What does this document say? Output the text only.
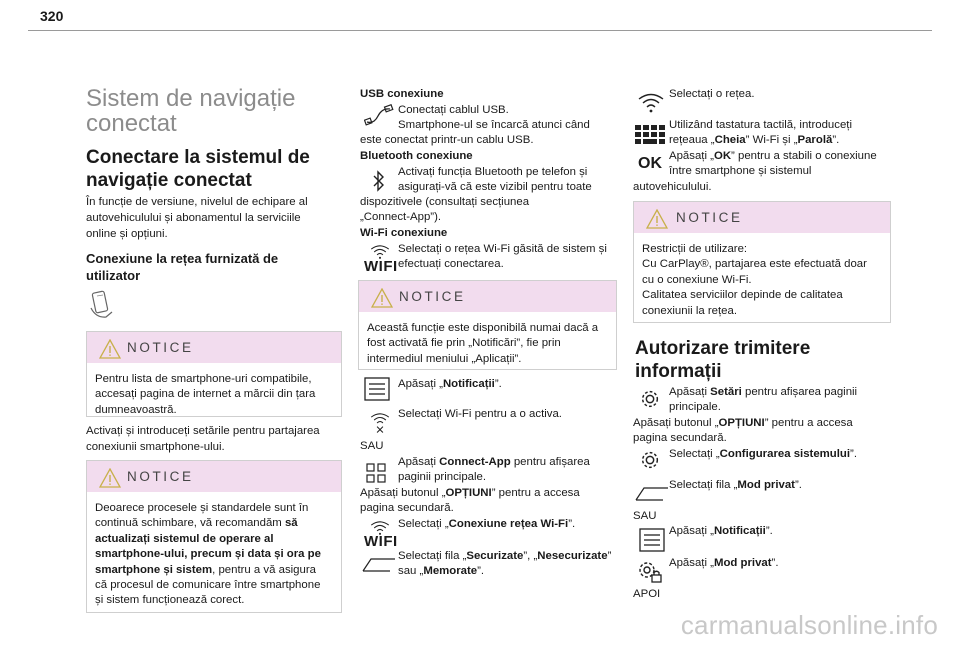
320
Sistem de navigație
conectat
Conectare la sistemul de
navigație conectat
În funcție de versiune, nivelul de echipare al
autovehiculului și abonamentul la serviciile
online și opțiuni.
Conexiune la rețea furnizată de
utilizator
NOTICE
Pentru lista de smartphone-uri compatibile,
accesați pagina de internet a mărcii din țara
dumneavoastră.
Activați și introduceți setările pentru partajarea
conexiunii smartphone-ului.
NOTICE
Deoarece procesele și standardele sunt în
continuă schimbare, vă recomandăm să
actualizați sistemul de operare al
smartphone-ului, precum și data și ora pe
smartphone și sistem, pentru a vă asigura
că procesul de comunicare între smartphone
și sistem funcționează corect.
USB conexiune
Conectați cablul USB.
Smartphone-ul se încarcă atunci când
este conectat printr-un cablu USB.
Bluetooth conexiune
Activați funcția Bluetooth pe telefon și
asigurați-vă că este vizibil pentru toate
dispozitivele (consultați secțiunea
„Connect-App”).
Wi-Fi conexiune
WIFI
Selectați o rețea Wi-Fi găsită de sistem și
efectuați conectarea.
NOTICE
Această funcție este disponibilă numai dacă a
fost activată fie prin „Notificări”, fie prin
intermediul meniului „Aplicații”.
Apăsați „Notificații”.
Selectați Wi-Fi pentru a o activa.
SAU
Apăsați Connect-App pentru afișarea
paginii principale.
Apăsați butonul „OPȚIUNI” pentru a accesa
pagina secundară.
WIFI
Selectați „Conexiune rețea Wi-Fi”.
Selectați fila „Securizate”, „Nesecurizate”
sau „Memorate”.
Selectați o rețea.
Utilizând tastatura tactilă, introduceți
rețeaua „Cheia” Wi-Fi și „Parolă”.
OK Apăsați „OK” pentru a stabili o conexiune
între smartphone și sistemul
autovehiculului.
NOTICE
Restricții de utilizare:
Cu CarPlay®, partajarea este efectuată doar
cu o conexiune Wi-Fi.
Calitatea serviciilor depinde de calitatea
conexiunii la rețea.
Autorizare trimitere
informații
Apăsați Setări pentru afișarea paginii
principale.
Apăsați butonul „OPȚIUNI” pentru a accesa
pagina secundară.
Selectați „Configurarea sistemului”.
Selectați fila „Mod privat”.
SAU
Apăsați „Notificații”.
Apăsați „Mod privat”.
APOI
carmanualsonline.info
